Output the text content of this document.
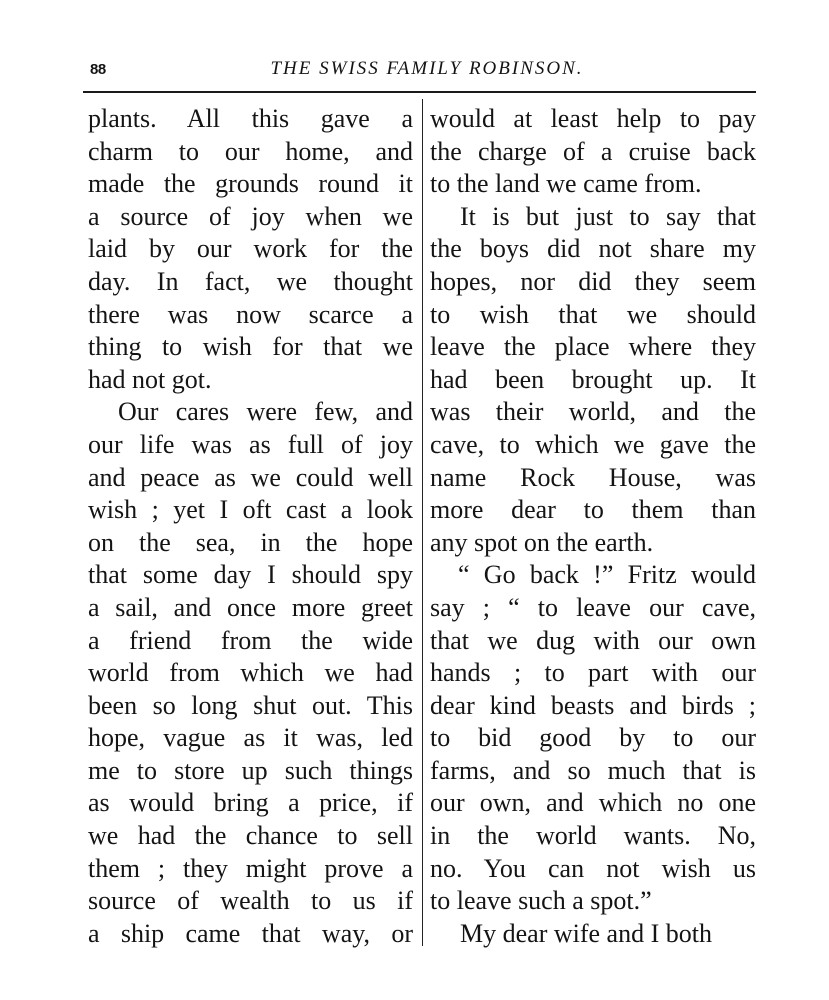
88	THE SWISS FAMILY ROBINSON.
plants. All this gave a
charm to our home, and
made the grounds round it
a source of joy when we
laid by our work for the
day. In fact, we thought
there was now scarce a
thing to wish for that we
had not got.
Our cares were few, and
our life was as full of joy
and peace as we could well
wish ; yet I oft cast a look
on the sea, in the hope
that some day I should spy
a sail, and once more greet
a friend from the wide
world from which we had
been so long shut out. This
hope, vague as it was, led
me to store up such things
as would bring a price, if
we had the chance to sell
them ; they might prove a
source of wealth to us if
a ship came that way, or
would at least help to pay
the charge of a cruise back
to the land we came from.
It is but just to say that
the boys did not share my
hopes, nor did they seem
to wish that we should
leave the place where they
had been brought up. It
was their world, and the
cave, to which we gave the
name Rock House, was
more dear to them than
any spot on the earth.
“ Go back !” Fritz would
say ; “ to leave our cave,
that we dug with our own
hands ; to part with our
dear kind beasts and birds ;
to bid good by to our
farms, and so much that is
our own, and which no one
in the world wants. No,
no. You can not wish us
to leave such a spot.”
My dear wife and I both
